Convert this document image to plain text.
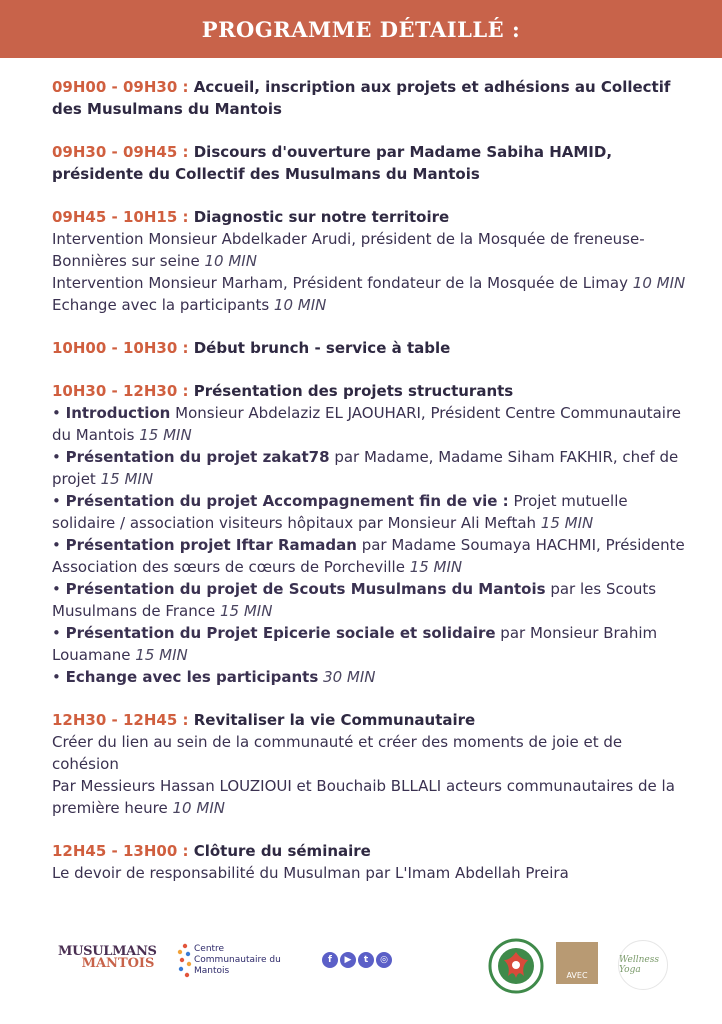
PROGRAMME DÉTAILLÉ :
09H00 - 09H30 : Accueil, inscription aux projets et adhésions au Collectif des Musulmans du Mantois
09H30 - 09H45 : Discours d'ouverture par Madame Sabiha HAMID, présidente du Collectif des Musulmans du Mantois
09H45 - 10H15 : Diagnostic sur notre territoire
Intervention Monsieur Abdelkader Arudi, président de la Mosquée de freneuse-Bonnières sur seine 10 MIN
Intervention Monsieur Marham, Président fondateur de la Mosquée de Limay 10 MIN
Echange avec la participants 10 MIN
10H00 - 10H30 : Début brunch - service à table
10H30 - 12H30 : Présentation des projets structurants
• Introduction Monsieur Abdelaziz EL JAOUHARI, Président Centre Communautaire du Mantois 15 MIN
• Présentation du projet zakat78 par Madame, Madame Siham FAKHIR, chef de projet 15 MIN
• Présentation du projet Accompagnement fin de vie : Projet mutuelle solidaire / association visiteurs hôpitaux par Monsieur Ali Meftah 15 MIN
• Présentation projet Iftar Ramadan par Madame Soumaya HACHMI, Présidente Association des sœurs de cœurs de Porcheville 15 MIN
• Présentation du projet de Scouts Musulmans du Mantois par les Scouts Musulmans de France 15 MIN
• Présentation du Projet Epicerie sociale et solidaire par Monsieur Brahim Louamane 15 MIN
• Echange avec les participants 30 MIN
12H30 - 12H45 : Revitaliser la vie Communautaire
Créer du lien au sein de la communauté et créer des moments de joie et de cohésion
Par Messieurs Hassan LOUZIOUI et Bouchaib BLLALI acteurs communautaires de la première heure 10 MIN
12H45 - 13H00 : Clôture du séminaire
Le devoir de responsabilité du Musulman par L'Imam Abdellah Preira
MUSULMANS
MANTOIS
Centre Communautaire du Mantois
f	▶	t	◎
AVEC
Wellness Yoga
